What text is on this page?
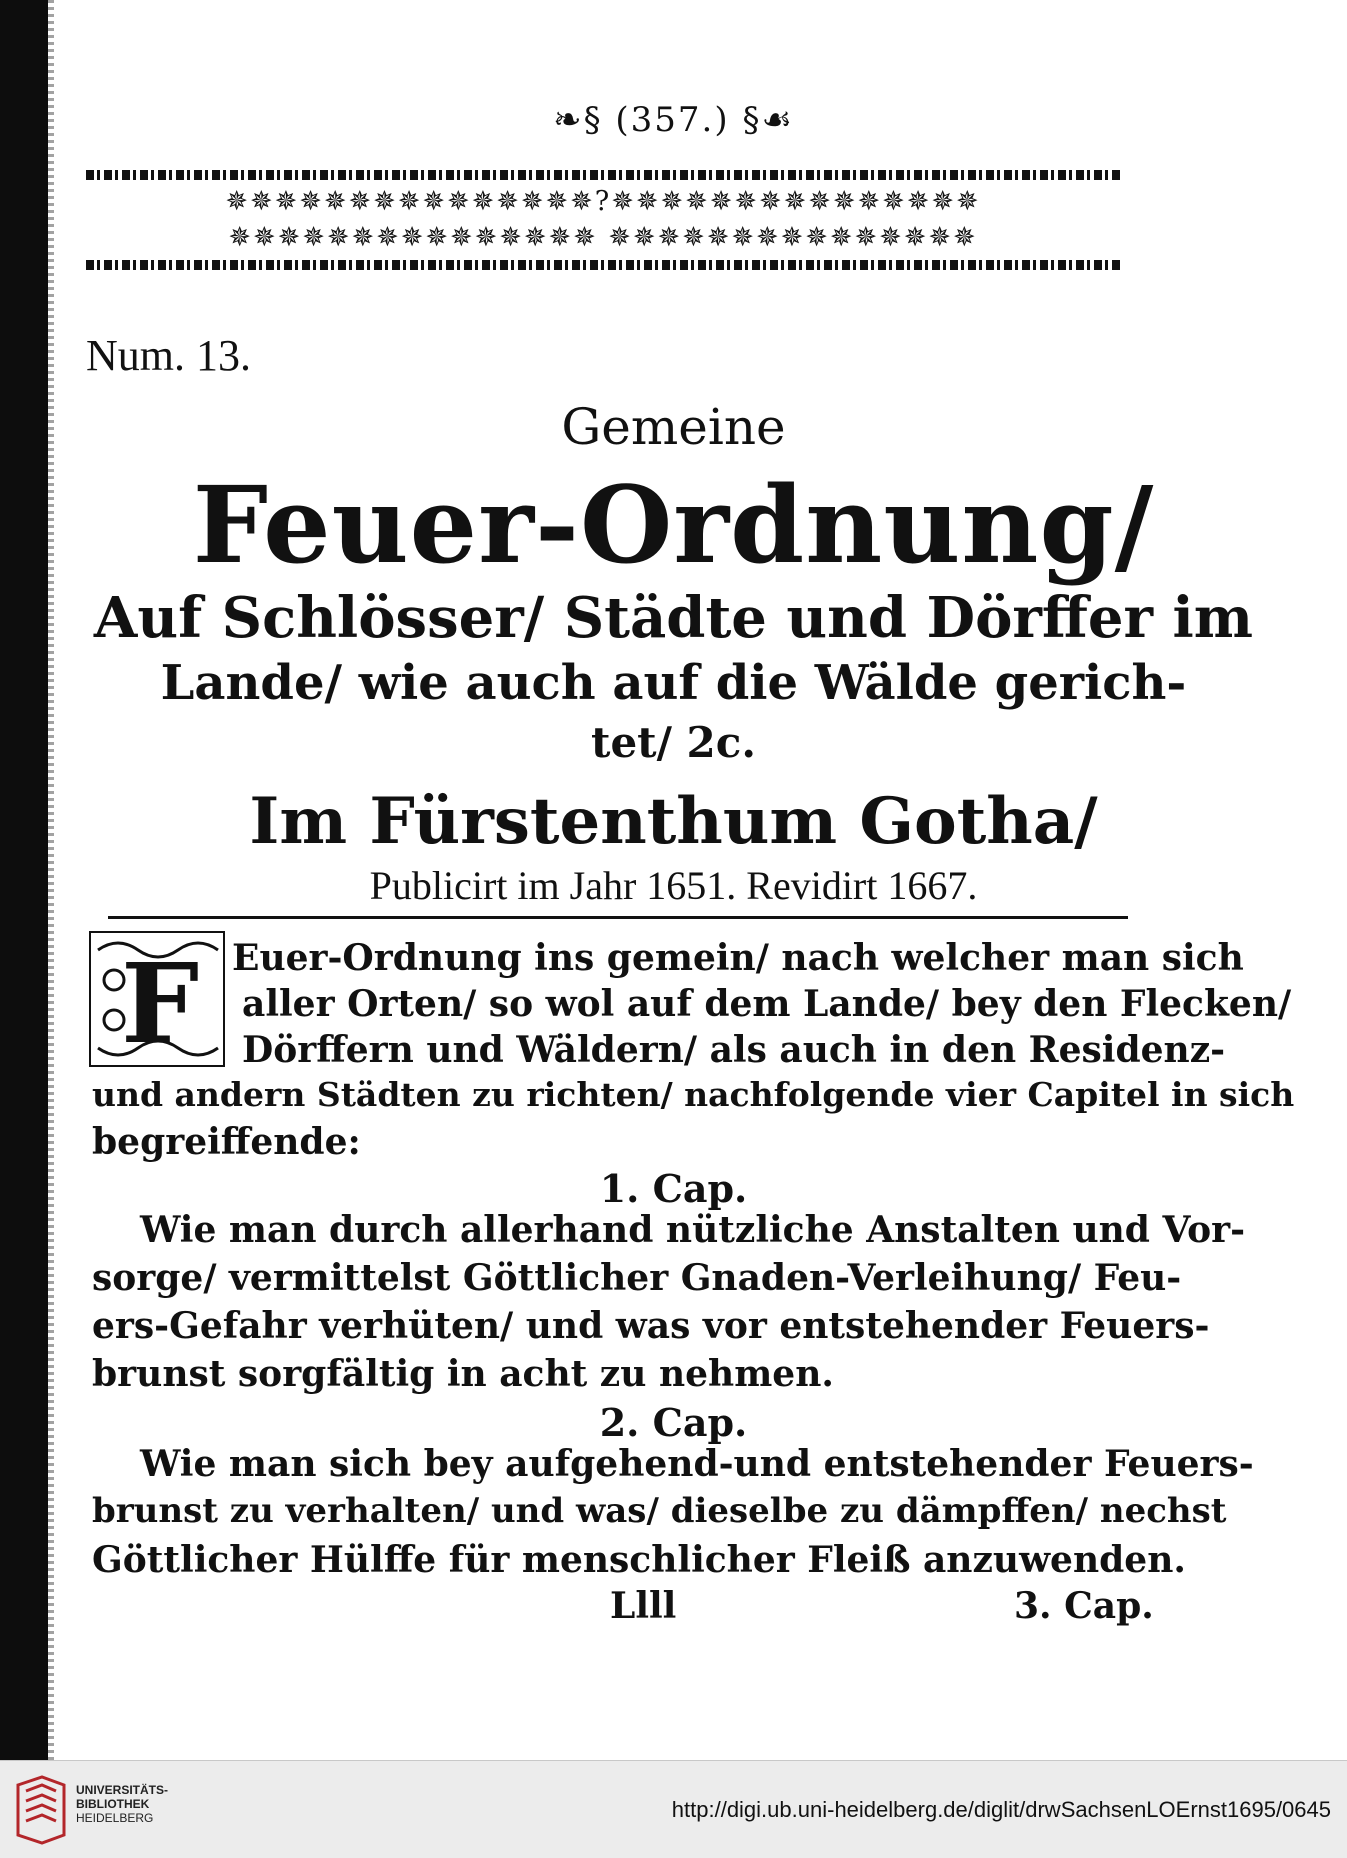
❧§ (357.) §☙
✵✵✵✵✵✵✵✵✵✵✵✵✵✵✵?✵✵✵✵✵✵✵✵✵✵✵✵✵✵✵
✵✵✵✵✵✵✵✵✵✵✵✵✵✵✵ ✵✵✵✵✵✵✵✵✵✵✵✵✵✵✵
Num. 13.
Gemeine
Feuer-Ordnung/
Auf Schlösser/ Städte und Dörffer im
Lande/ wie auch auf die Wälde gerich-
tet/ 2c.
Im Fürstenthum Gotha/
Publicirt im Jahr 1651. Revidirt 1667.
F Euer-Ordnung ins gemein/ nach welcher man sich
aller Orten/ so wol auf dem Lande/ bey den Flecken/
Dörffern und Wäldern/ als auch in den Residenz-
und andern Städten zu richten/ nachfolgende vier Capitel in sich
begreiffende:
1. Cap.
Wie man durch allerhand nützliche Anstalten und Vor-
sorge/ vermittelst Göttlicher Gnaden-Verleihung/ Feu-
ers-Gefahr verhüten/ und was vor entstehender Feuers-
brunst sorgfältig in acht zu nehmen.
2. Cap.
Wie man sich bey aufgehend-und entstehender Feuers-
brunst zu verhalten/ und was/ dieselbe zu dämpffen/ nechst
Göttlicher Hülffe für menschlicher Fleiß anzuwenden.
Llll	3. Cap.
UNIVERSITÄTS-
BIBLIOTHEK
HEIDELBERG	http://digi.ub.uni-heidelberg.de/diglit/drwSachsenLOErnst1695/0645
